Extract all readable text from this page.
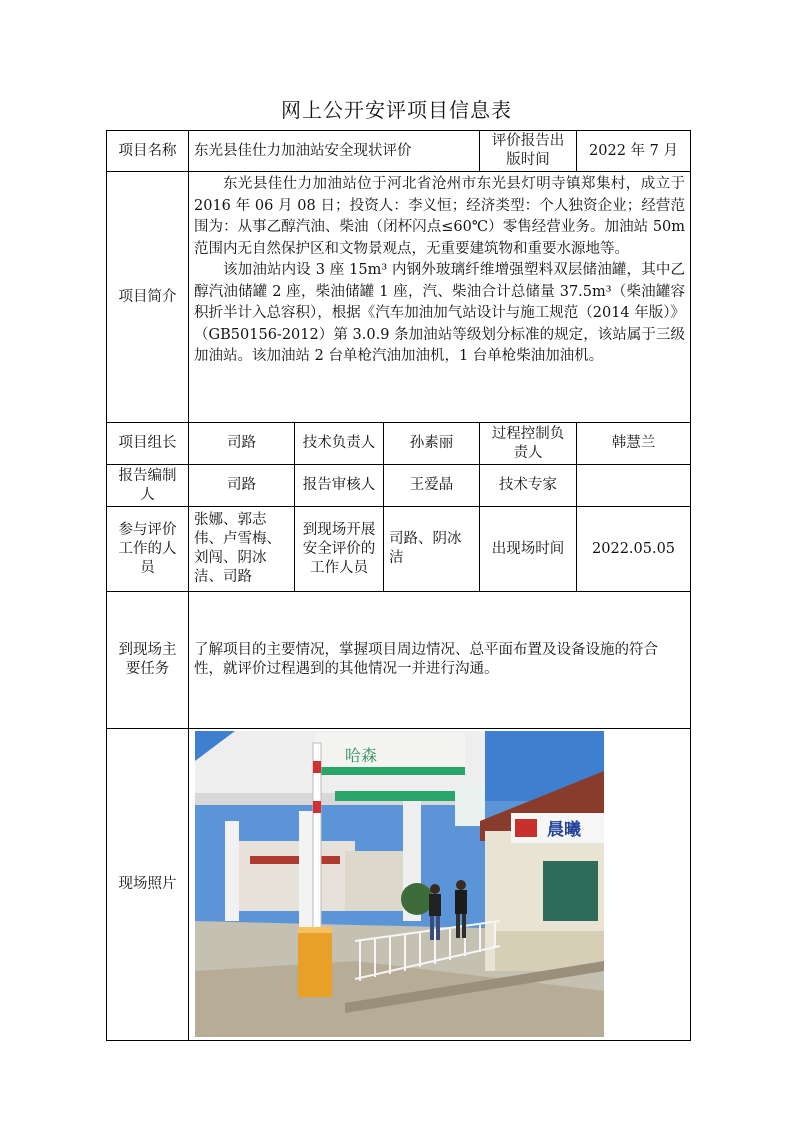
网上公开安评项目信息表
项目名称	东光县佳仕力加油站安全现状评价			评价报告出版时间	2022 年 7 月
项目简介	东光县佳仕力加油站位于河北省沧州市东光县灯明寺镇郑集村，成立于 2016 年 06 月 08 日；投资人：李义恒；经济类型：个人独资企业；经营范围为：从事乙醇汽油、柴油（闭杯闪点≤60℃）零售经营业务。加油站 50m 范围内无自然保护区和文物景观点，无重要建筑物和重要水源地等。

该加油站内设 3 座 15m³ 内钢外玻璃纤维增强塑料双层储油罐，其中乙醇汽油储罐 2 座，柴油储罐 1 座，汽、柴油合计总储量 37.5m³（柴油罐容积折半计入总容积），根据《汽车加油加气站设计与施工规范（2014 年版）》（GB50156-2012）第 3.0.9 条加油站等级划分标准的规定，该站属于三级加油站。该加油站 2 台单枪汽油加油机，1 台单枪柴油加油机。				

项目组长	司路	技术负责人	孙素丽	过程控制负责人	韩慧兰
报告编制人	司路	报告审核人	王爱晶	技术专家	
参与评价工作的人员	张娜、郭志伟、卢雪梅、刘闯、阴冰洁、司路	到现场开展安全评价的工作人员	司路、阴冰洁	出现场时间	2022.05.05
到现场主要任务	了解项目的主要情况，掌握项目周边情况、总平面布置及设备设施的符合性，就评价过程遇到的其他情况一并进行沟通。				
现场照片	哈森
晨曦				
